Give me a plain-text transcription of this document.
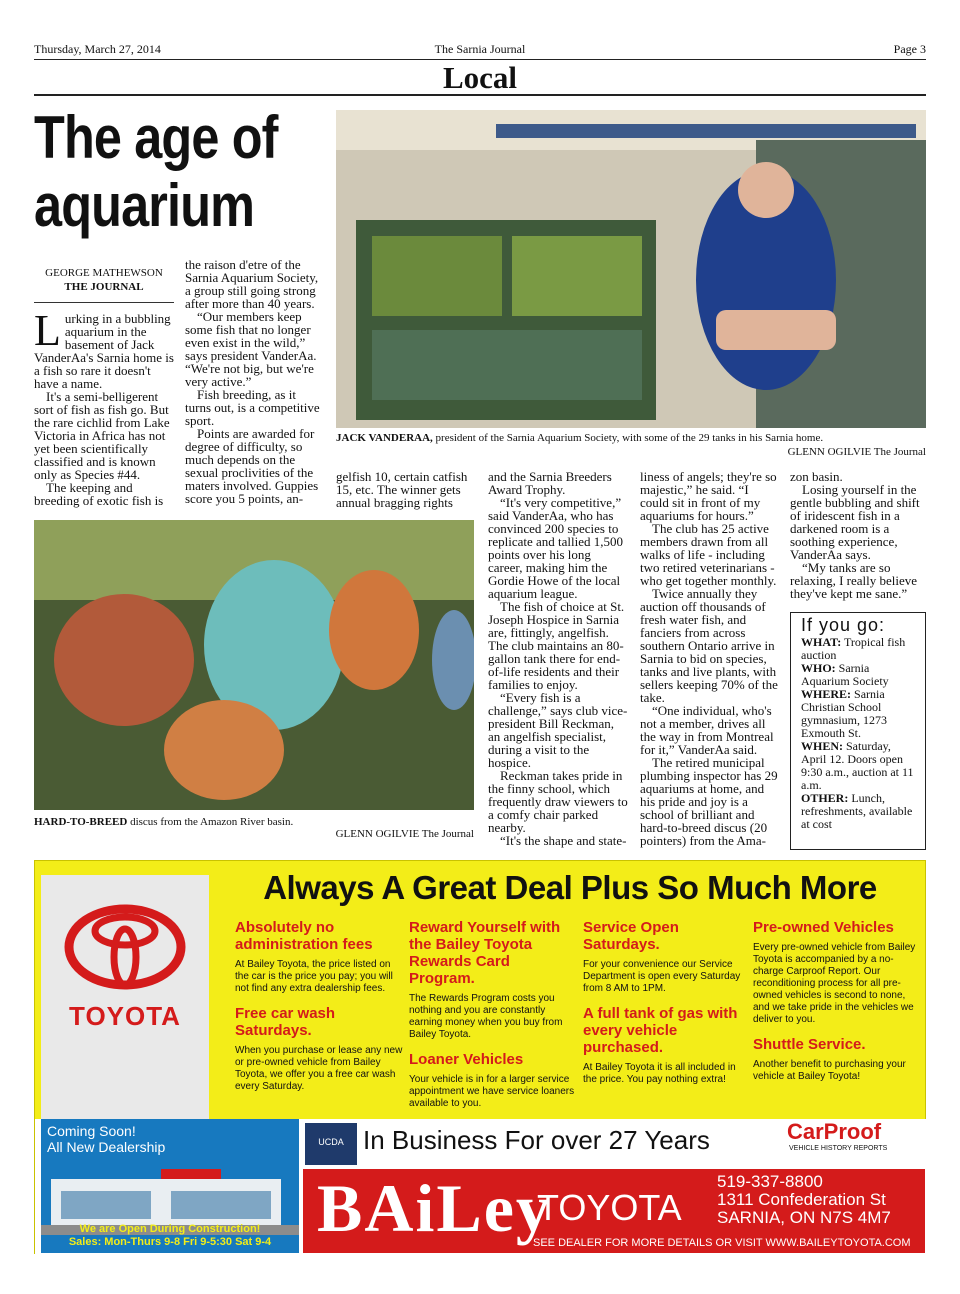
Thursday, March 27, 2014	The Sarnia Journal	Page 3
Local
The age of aquarium
GEORGE MATHEWSON
THE JOURNAL

Lurking in a bubbling aquarium in the basement of Jack VanderAa's Sarnia home is a fish so rare it doesn't have a name.

It's a semi-belligerent sort of fish as fish go. But the rare cichlid from Lake Victoria in Africa has not yet been scientifically classified and is known only as Species #44.

The keeping and breeding of exotic fish is

the raison d'etre of the Sarnia Aquarium Society, a group still going strong after more than 40 years.

“Our members keep some fish that no longer even exist in the wild,” says president VanderAa. “We're not big, but we're very active.”

Fish breeding, as it turns out, is a competitive sport.

Points are awarded for degree of difficulty, so much depends on the sexual proclivities of the maters involved. Guppies score you 5 points, an-

JACK VANDERAA, president of the Sarnia Aquarium Society, with some of the 29 tanks in his Sarnia home.
GLENN OGILVIE The Journal

gelfish 10, certain catfish 15, etc. The winner gets annual bragging rights

HARD-TO-BREED discus from the Amazon River basin.
GLENN OGILVIE The Journal

and the Sarnia Breeders Award Trophy.

“It's very competitive,” said VanderAa, who has convinced 200 species to replicate and tallied 1,500 points over his long career, making him the Gordie Howe of the local aquarium league.

The fish of choice at St. Joseph Hospice in Sarnia are, fittingly, angelfish. The club maintains an 80-gallon tank there for end-of-life residents and their families to enjoy.

“Every fish is a challenge,” says club vice-president Bill Reckman, an angelfish specialist, during a visit to the hospice.

Reckman takes pride in the finny school, which frequently draw viewers to a comfy chair parked nearby.

“It's the shape and state-

liness of angels; they're so majestic,” he said. “I could sit in front of my aquariums for hours.”

The club has 25 active members drawn from all walks of life - including two retired veterinarians - who get together monthly.

Twice annually they auction off thousands of fresh water fish, and fanciers from across southern Ontario arrive in Sarnia to bid on species, tanks and live plants, with sellers keeping 70% of the take.

“One individual, who's not a member, drives all the way in from Montreal for it,” VanderAa said.

The retired municipal plumbing inspector has 29 aquariums at home, and his pride and joy is a school of brilliant and hard-to-breed discus (20 pointers) from the Ama-

zon basin.

Losing yourself in the gentle bubbling and shift of iridescent fish in a darkened room is a soothing experience, VanderAa says.

“My tanks are so relaxing, I really believe they've kept me sane.”

If you go:
WHAT: Tropical fish auction
WHO: Sarnia Aquarium Society
WHERE: Sarnia Christian School gymnasium, 1273 Exmouth St.
WHEN: Saturday, April 12. Doors open 9:30 a.m., auction at 11 a.m.
OTHER: Lunch, refreshments, available at cost
Always A Great Deal Plus So Much More
TOYOTA
Absolutely no administration fees

At Bailey Toyota, the price listed on the car is the price you pay; you will not find any extra dealership fees.

Free car wash Saturdays.

When you purchase or lease any new or pre-owned vehicle from Bailey Toyota, we offer you a free car wash every Saturday.

Reward Yourself with the Bailey Toyota Rewards Card Program.

The Rewards Program costs you nothing and you are constantly earning money when you buy from Bailey Toyota.

Loaner Vehicles

Your vehicle is in for a larger service appointment we have service loaners available to you.

Service Open Saturdays.

For your convenience our Service Department is open every Saturday from 8 AM to 1PM.

A full tank of gas with every vehicle purchased.

At Bailey Toyota it is all included in the price. You pay nothing extra!

Pre-owned Vehicles

Every pre-owned vehicle from Bailey Toyota is accompanied by a no-charge Carproof Report. Our reconditioning process for all pre-owned vehicles is second to none, and we take pride in the vehicles we deliver to you.

Shuttle Service.

Another benefit to purchasing your vehicle at Bailey Toyota!

Coming Soon!
All New Dealership
We are Open During Construction!
Sales: Mon-Thurs 9-8 Fri 9-5:30 Sat 9-4
UCDA In Business For over 27 Years	CarProof
VEHICLE HISTORY REPORTS
BAiLey
TOYOTA
519-337-8800
1311 Confederation St
SARNIA, ON N7S 4M7
SEE DEALER FOR MORE DETAILS OR VISIT WWW.BAILEYTOYOTA.COM
